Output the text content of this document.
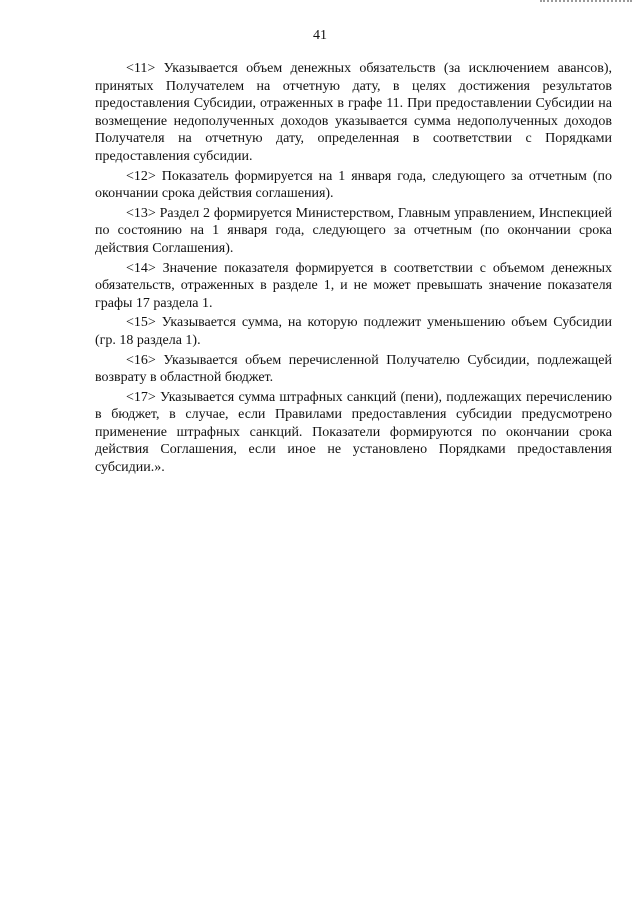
41

<11> Указывается объем денежных обязательств (за исключением авансов), принятых Получателем на отчетную дату, в целях достижения результатов предоставления Субсидии, отраженных в графе 11. При предоставлении Субсидии на возмещение недополученных доходов указывается сумма недополученных доходов Получателя на отчетную дату, определенная в соответствии с Порядками предоставления субсидии.

<12> Показатель формируется на 1 января года, следующего за отчетным (по окончании срока действия соглашения).

<13> Раздел 2 формируется Министерством, Главным управлением, Инспекцией по состоянию на 1 января года, следующего за отчетным (по окончании срока действия Соглашения).

<14> Значение показателя формируется в соответствии с объемом денежных обязательств, отраженных в разделе 1, и не может превышать значение показателя графы 17 раздела 1.

<15> Указывается сумма, на которую подлежит уменьшению объем Субсидии (гр. 18 раздела 1).

<16> Указывается объем перечисленной Получателю Субсидии, подлежащей возврату в областной бюджет.

<17> Указывается сумма штрафных санкций (пени), подлежащих перечислению в бюджет, в случае, если Правилами предоставления субсидии предусмотрено применение штрафных санкций. Показатели формируются по окончании срока действия Соглашения, если иное не установлено Порядками предоставления субсидии.».
